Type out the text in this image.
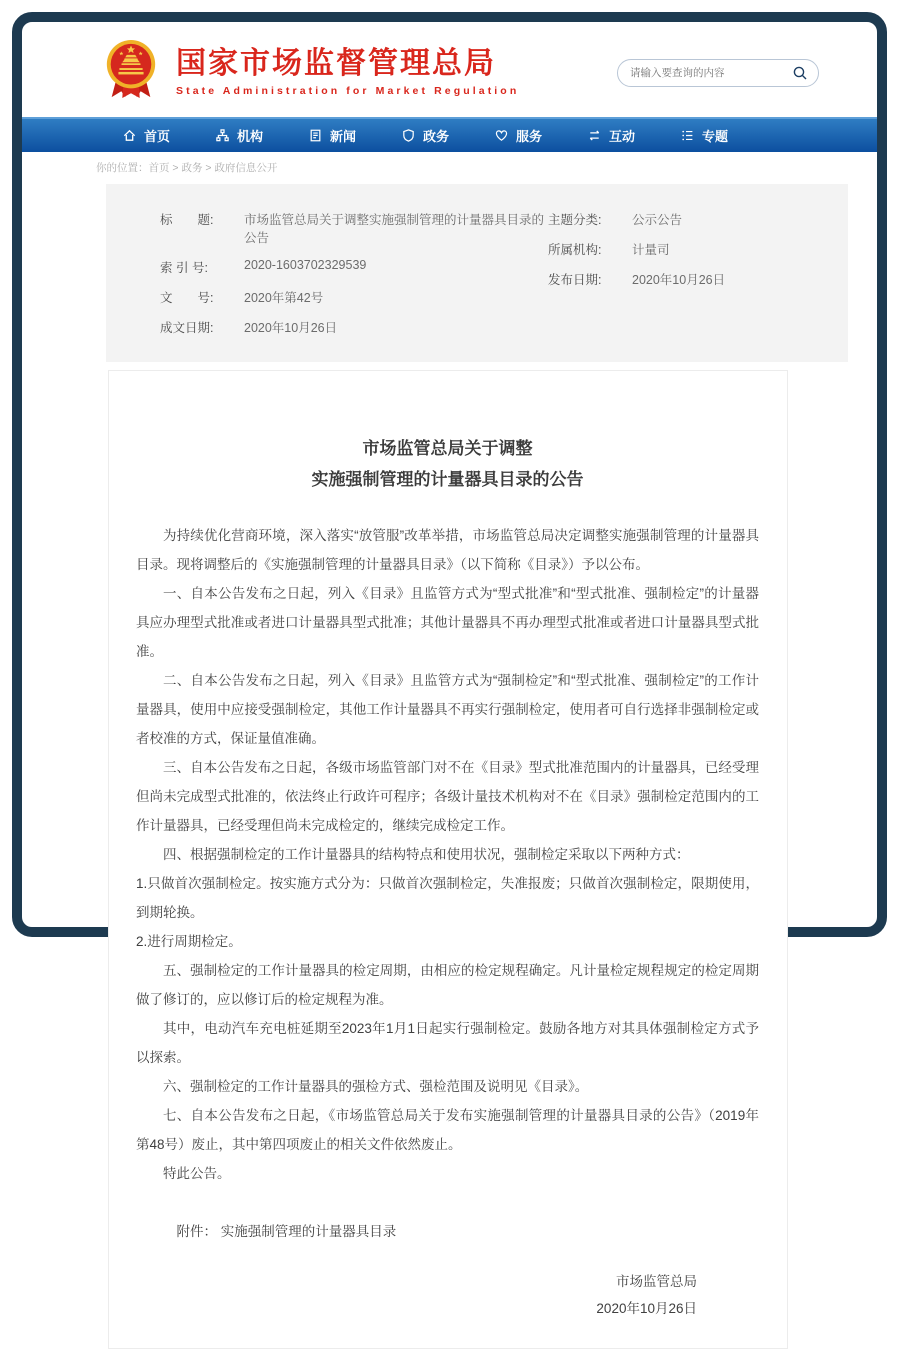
国家市场监督管理总局
State Administration for Market Regulation
请输入要查询的内容
首页	机构	新闻	政务	服务	互动	专题
你的位置：首页 > 政务 > 政府信息公开
标　　题:	市场监管总局关于调整实施强制管理的计量器具目录的公告
索 引 号:	2020-1603702329539
文　　号:	2020年第42号
成文日期:	2020年10月26日
主题分类:	公示公告
所属机构:	计量司
发布日期:	2020年10月26日
市场监管总局关于调整
实施强制管理的计量器具目录的公告

为持续优化营商环境，深入落实“放管服”改革举措，市场监管总局决定调整实施强制管理的计量器具目录。现将调整后的《实施强制管理的计量器具目录》（以下简称《目录》）予以公布。

一、自本公告发布之日起，列入《目录》且监管方式为“型式批准”和“型式批准、强制检定”的计量器具应办理型式批准或者进口计量器具型式批准；其他计量器具不再办理型式批准或者进口计量器具型式批准。

二、自本公告发布之日起，列入《目录》且监管方式为“强制检定”和“型式批准、强制检定”的工作计量器具，使用中应接受强制检定，其他工作计量器具不再实行强制检定，使用者可自行选择非强制检定或者校准的方式，保证量值准确。

三、自本公告发布之日起，各级市场监管部门对不在《目录》型式批准范围内的计量器具，已经受理但尚未完成型式批准的，依法终止行政许可程序；各级计量技术机构对不在《目录》强制检定范围内的工作计量器具，已经受理但尚未完成检定的，继续完成检定工作。

四、根据强制检定的工作计量器具的结构特点和使用状况，强制检定采取以下两种方式：

1.只做首次强制检定。按实施方式分为：只做首次强制检定，失准报废；只做首次强制检定，限期使用，到期轮换。

2.进行周期检定。

五、强制检定的工作计量器具的检定周期，由相应的检定规程确定。凡计量检定规程规定的检定周期做了修订的，应以修订后的检定规程为准。

其中，电动汽车充电桩延期至2023年1月1日起实行强制检定。鼓励各地方对其具体强制检定方式予以探索。

六、强制检定的工作计量器具的强检方式、强检范围及说明见《目录》。

七、自本公告发布之日起，《市场监管总局关于发布实施强制管理的计量器具目录的公告》（2019年第48号）废止，其中第四项废止的相关文件依然废止。

特此公告。

附件： 实施强制管理的计量器具目录
市场监管总局
2020年10月26日
